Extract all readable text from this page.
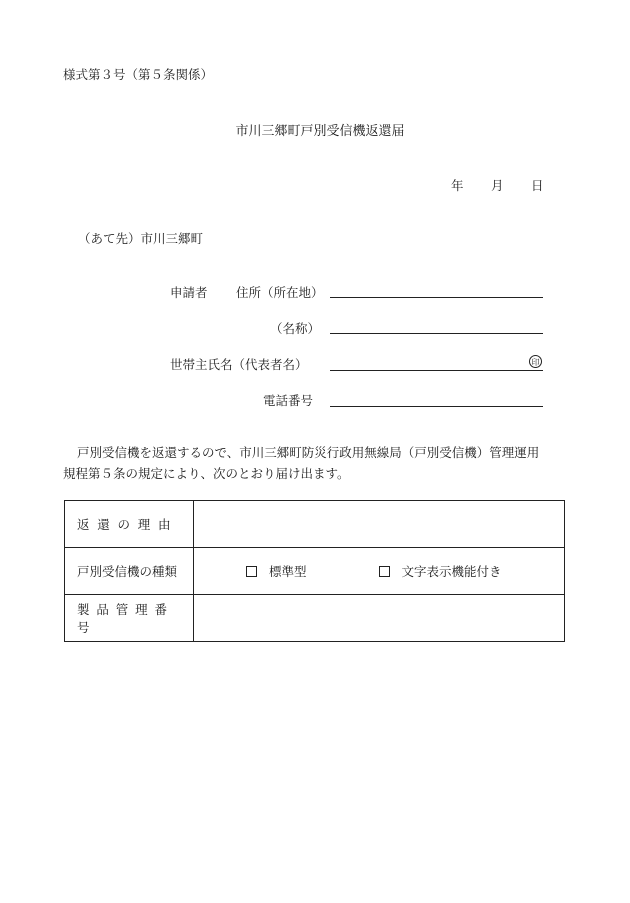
様式第３号（第５条関係）
市川三郷町戸別受信機返還届
年 月 日
（あて先）市川三郷町
申請者 住所（所在地）
（名称）
世帯主氏名（代表者名）	印
電話番号

戸別受信機を返還するので、市川三郷町防災行政用無線局（戸別受信機）管理運用

規程第５条の規定により、次のとおり届け出ます。

返還の理由	
戸別受信機の種類	標準型 文字表示機能付き
製品管理番号	
